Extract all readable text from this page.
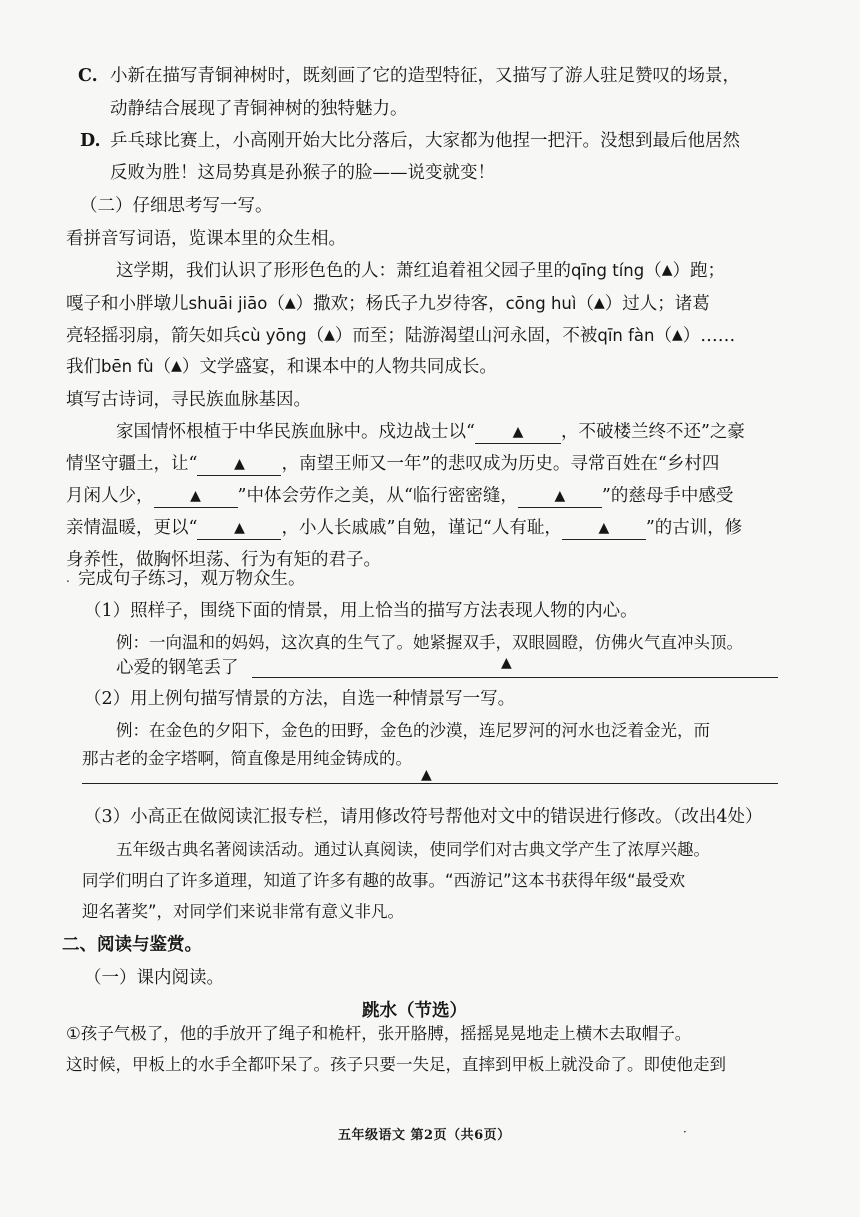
C. 小新在描写青铜神树时，既刻画了它的造型特征，又描写了游人驻足赞叹的场景，
动静结合展现了青铜神树的独特魅力。
D. 乒乓球比赛上，小高刚开始大比分落后，大家都为他捏一把汗。没想到最后他居然
反败为胜！这局势真是孙猴子的脸——说变就变！
（二）仔细思考写一写。
看拼音写词语，览课本里的众生相。
这学期，我们认识了形形色色的人：萧红追着祖父园子里的qīng tíng（▲）跑；
嘎子和小胖墩儿shuāi jiāo（▲）撒欢；杨氏子九岁待客，cōng huì（▲）过人；诸葛
亮轻摇羽扇，箭矢如兵cù yōng（▲）而至；陆游渴望山河永固，不被qīn fàn（▲）……
我们bēn fù（▲）文学盛宴，和课本中的人物共同成长。
填写古诗词，寻民族血脉基因。
家国情怀根植于中华民族血脉中。戍边战士以“	▲ ，不破楼兰终不还”之豪
情坚守疆土，让“	▲ ，南望王师又一年”的悲叹成为历史。寻常百姓在“乡村四
月闲人少，	▲ ”中体会劳作之美，从“临行密密缝，	▲ ”的慈母手中感受
亲情温暖，更以“	▲ ，小人长戚戚”自勉，谨记“人有耻，	▲ ”的古训，修
身养性，做胸怀坦荡、行为有矩的君子。
. 完成句子练习，观万物众生。
（1）照样子，围绕下面的情景，用上恰当的描写方法表现人物的内心。
例：一向温和的妈妈，这次真的生气了。她紧握双手，双眼圆瞪，仿佛火气直冲头顶。
心爱的钢笔丢了	▲
（2）用上例句描写情景的方法，自选一种情景写一写。
例：在金色的夕阳下，金色的田野，金色的沙漠，连尼罗河的河水也泛着金光，而
那古老的金字塔啊，简直像是用纯金铸成的。
▲
（3）小高正在做阅读汇报专栏，请用修改符号帮他对文中的错误进行修改。（改出4处）
五年级古典名著阅读活动。通过认真阅读，使同学们对古典文学产生了浓厚兴趣。
同学们明白了许多道理，知道了许多有趣的故事。“西游记”这本书获得年级“最受欢
迎名著奖”，对同学们来说非常有意义非凡。
二、阅读与鉴赏。
（一）课内阅读。
跳水（节选）
①孩子气极了，他的手放开了绳子和桅杆，张开胳膊，摇摇晃晃地走上横木去取帽子。
这时候，甲板上的水手全都吓呆了。孩子只要一失足，直摔到甲板上就没命了。即使他走到
五年级语文 第2页（共6页）	·
